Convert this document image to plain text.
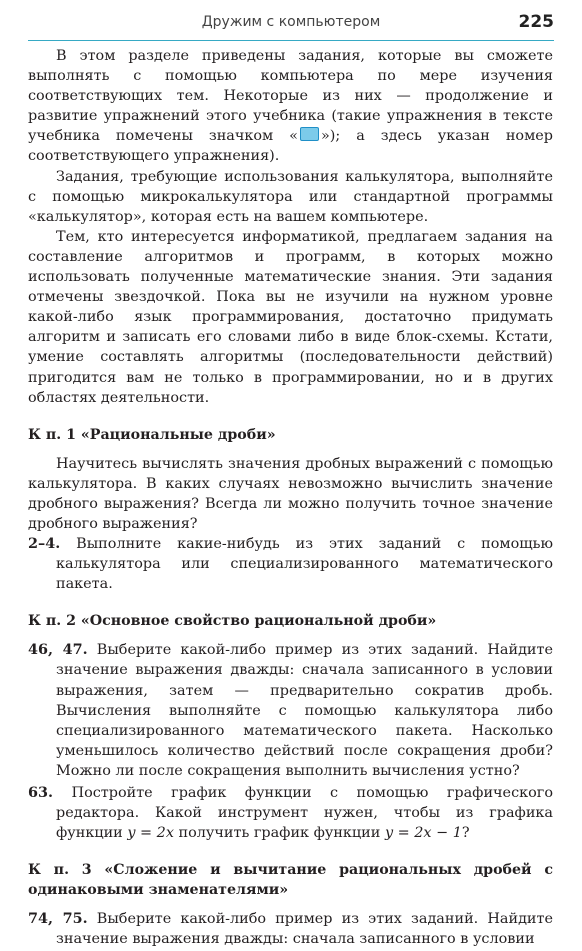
Дружим с компьютером	225

В этом разделе приведены задания, которые вы сможете выполнять с помощью компьютера по мере изучения соответствующих тем. Некоторые из них — продолжение и развитие упражнений этого учебника (такие упражнения в тексте учебника помечены значком « »); а здесь указан номер соответствующего упражнения).

Задания, требующие использования калькулятора, выполняйте с помощью микрокалькулятора или стандартной программы «калькулятор», которая есть на вашем компьютере.

Тем, кто интересуется информатикой, предлагаем задания на составление алгоритмов и программ, в которых можно использовать полученные математические знания. Эти задания отмечены звездочкой. Пока вы не изучили на нужном уровне какой-либо язык программирования, достаточно придумать алгоритм и записать его словами либо в виде блок-схемы. Кстати, умение составлять алгоритмы (последовательности действий) пригодится вам не только в программировании, но и в других областях деятельности.

К п. 1 «Рациональные дроби»

Научитесь вычислять значения дробных выражений с помощью калькулятора. В каких случаях невозможно вычислить значение дробного выражения? Всегда ли можно получить точное значение дробного выражения?

2–4. Выполните какие-нибудь из этих заданий с помощью калькулятора или специализированного математического пакета.

К п. 2 «Основное свойство рациональной дроби»

46, 47. Выберите какой-либо пример из этих заданий. Найдите значение выражения дважды: сначала записанного в условии выражения, затем — предварительно сократив дробь. Вычисления выполняйте с помощью калькулятора либо специализированного математического пакета. Насколько уменьшилось количество действий после сокращения дроби? Можно ли после сокращения выполнить вычисления устно?

63. Постройте график функции с помощью графического редактора. Какой инструмент нужен, чтобы из графика функции y = 2x получить график функции y = 2x − 1?

К п. 3 «Сложение и вычитание рациональных дробей с одинаковыми знаменателями»

74, 75. Выберите какой-либо пример из этих заданий. Найдите значение выражения дважды: сначала записанного в условии
